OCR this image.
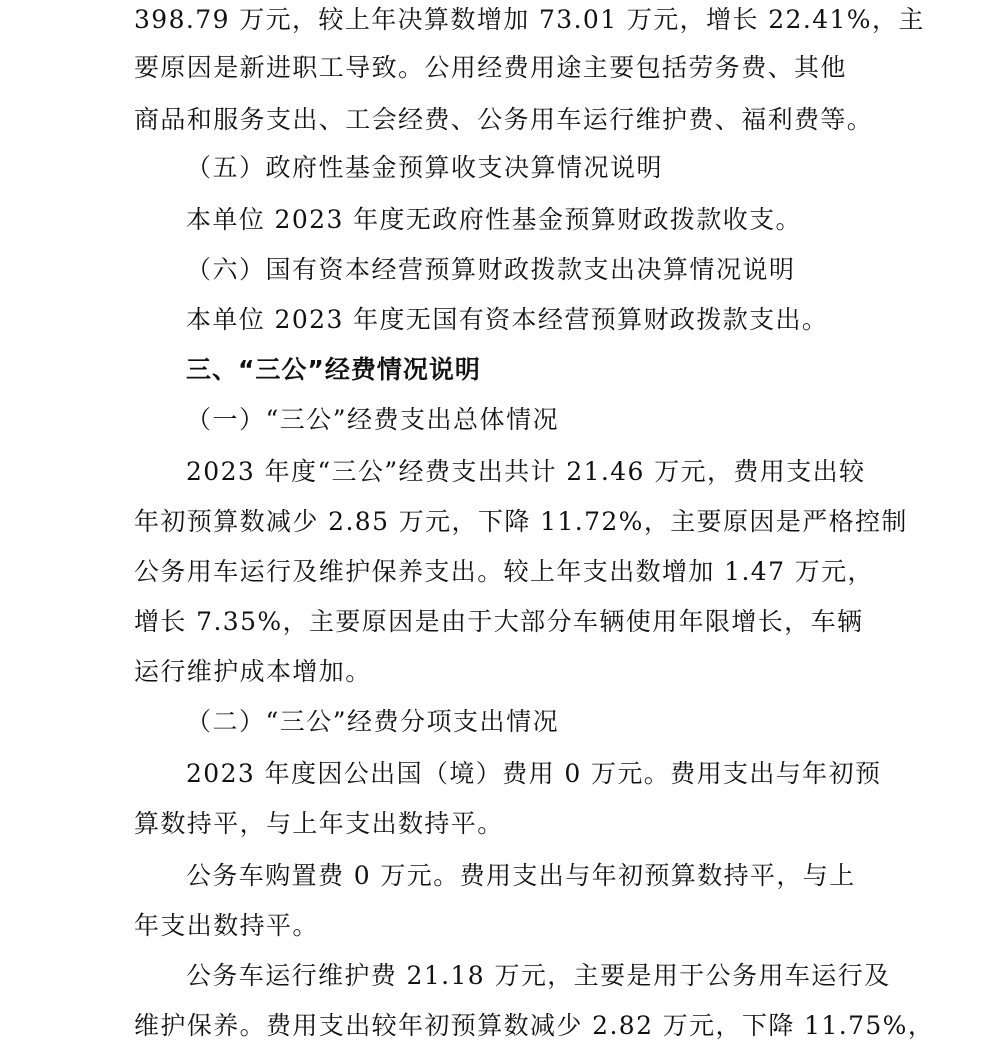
398.79 万元，较上年决算数增加 73.01 万元，增长 22.41%，主
要原因是新进职工导致。公用经费用途主要包括劳务费、其他
商品和服务支出、工会经费、公务用车运行维护费、福利费等。
（五）政府性基金预算收支决算情况说明
本单位 2023 年度无政府性基金预算财政拨款收支。
（六）国有资本经营预算财政拨款支出决算情况说明
本单位 2023 年度无国有资本经营预算财政拨款支出。
三、“三公”经费情况说明
（一）“三公”经费支出总体情况
2023 年度“三公”经费支出共计 21.46 万元，费用支出较
年初预算数减少 2.85 万元，下降 11.72%，主要原因是严格控制
公务用车运行及维护保养支出。较上年支出数增加 1.47 万元，
增长 7.35%，主要原因是由于大部分车辆使用年限增长，车辆
运行维护成本增加。
（二）“三公”经费分项支出情况
2023 年度因公出国（境）费用 0 万元。费用支出与年初预
算数持平，与上年支出数持平。
公务车购置费 0 万元。费用支出与年初预算数持平，与上
年支出数持平。
公务车运行维护费 21.18 万元，主要是用于公务用车运行及
维护保养。费用支出较年初预算数减少 2.82 万元，下降 11.75%，
